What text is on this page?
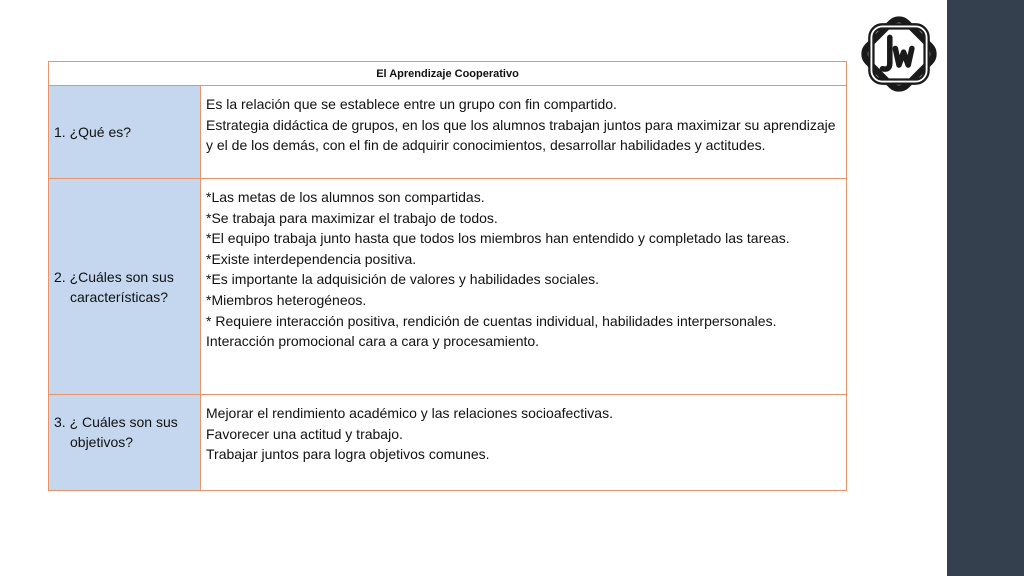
El Aprendizaje Cooperativo
1. ¿Qué es?
Es la relación que se establece entre un grupo con fin compartido.
Estrategia didáctica de grupos, en los que los alumnos trabajan juntos para maximizar su aprendizaje y el de los demás, con el fin de adquirir conocimientos, desarrollar habilidades y actitudes.
2. ¿Cuáles son sus características?
*Las metas de los alumnos son compartidas.
*Se trabaja para maximizar el trabajo de todos.
*El equipo trabaja junto hasta que todos los miembros han entendido y completado las tareas.
*Existe interdependencia positiva.
*Es importante la adquisición de valores y habilidades sociales.
*Miembros heterogéneos.
* Requiere interacción positiva, rendición de cuentas individual, habilidades interpersonales. Interacción promocional cara a cara y procesamiento.
3. ¿ Cuáles son sus objetivos?
Mejorar el rendimiento académico y las relaciones socioafectivas.
Favorecer una actitud y trabajo.
Trabajar juntos para logra objetivos comunes.
